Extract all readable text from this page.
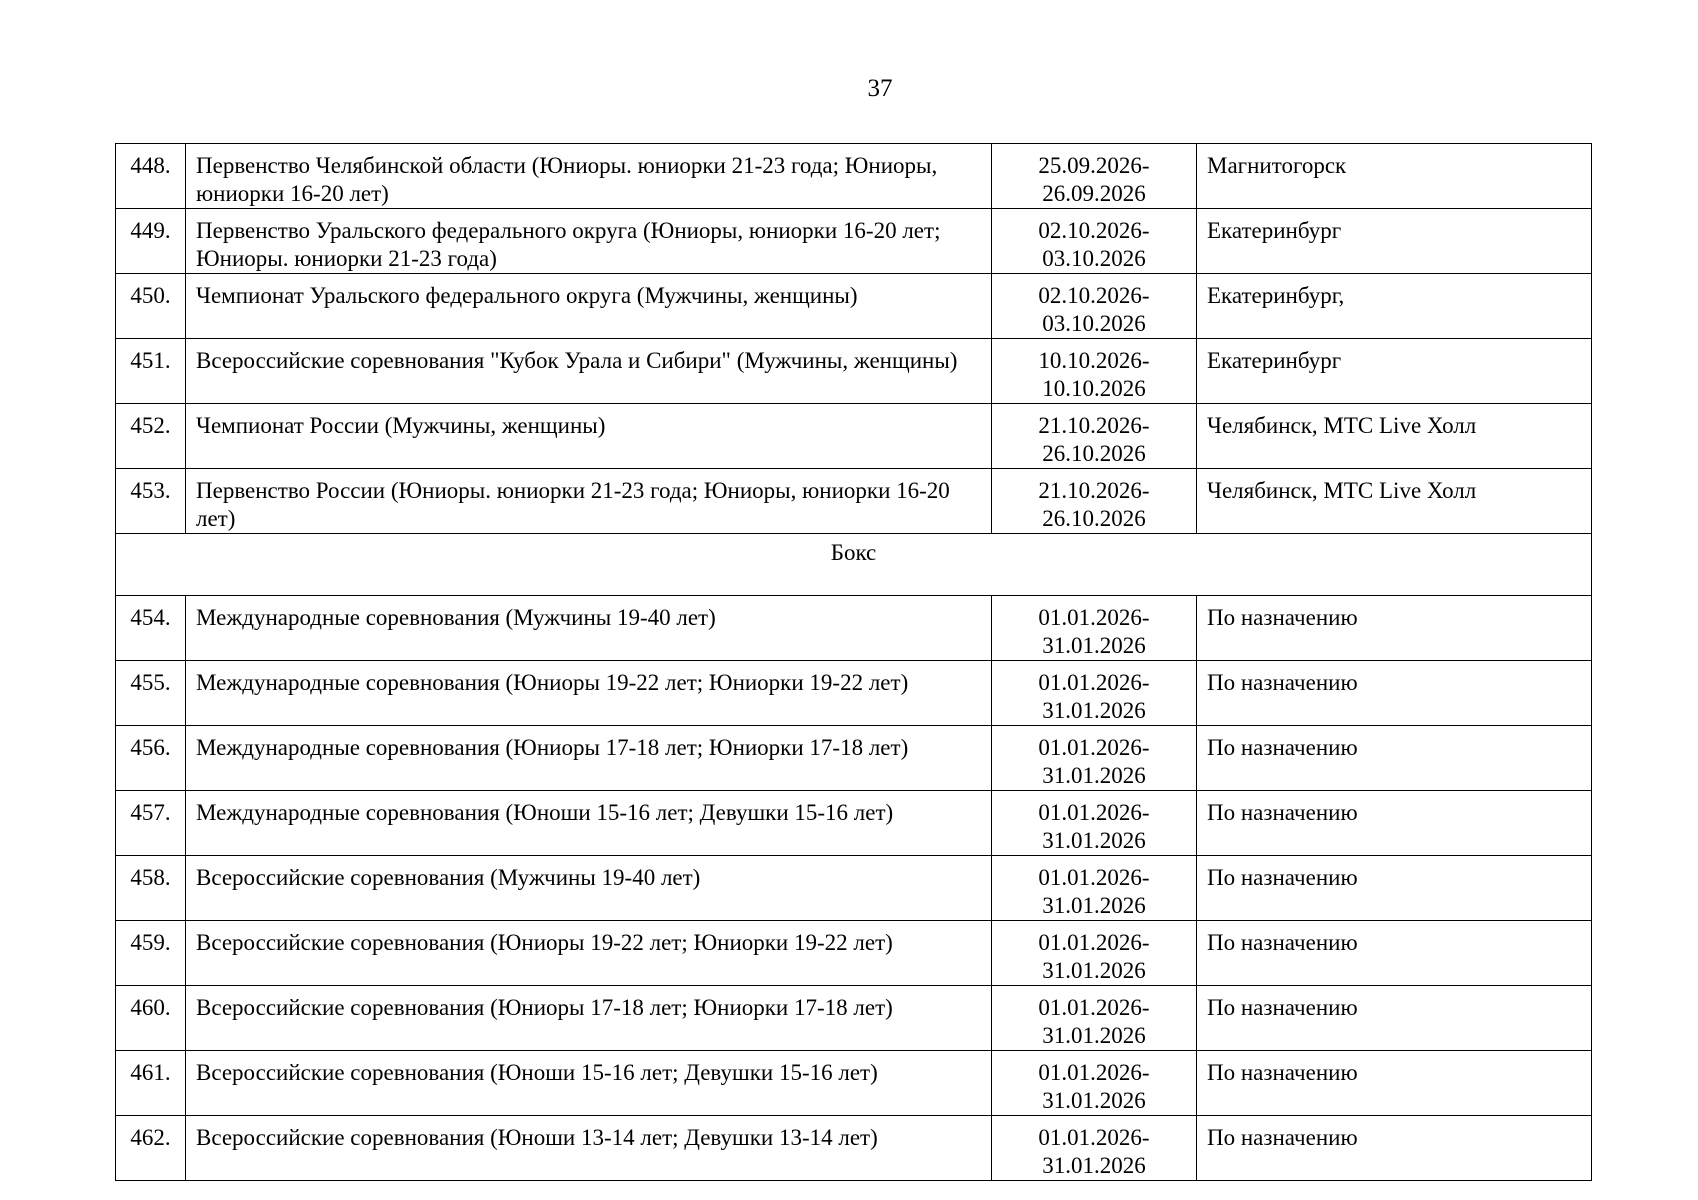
37
448.	Первенство Челябинской области (Юниоры. юниорки 21-23 года; Юниоры, юниорки 16-20 лет)	25.09.2026-
26.09.2026	Магнитогорск
449.	Первенство Уральского федерального округа (Юниоры, юниорки 16-20 лет; Юниоры. юниорки 21-23 года)	02.10.2026-
03.10.2026	Екатеринбург
450.	Чемпионат Уральского федерального округа (Мужчины, женщины)	02.10.2026-
03.10.2026	Екатеринбург,
451.	Всероссийские соревнования "Кубок Урала и Сибири" (Мужчины, женщины)	10.10.2026-
10.10.2026	Екатеринбург
452.	Чемпионат России (Мужчины, женщины)	21.10.2026-
26.10.2026	Челябинск, МТС Live Холл
453.	Первенство России (Юниоры. юниорки 21-23 года; Юниоры, юниорки 16-20 лет)	21.10.2026-
26.10.2026	Челябинск, МТС Live Холл
Бокс			
454.	Международные соревнования (Мужчины 19-40 лет)	01.01.2026-
31.01.2026	По назначению
455.	Международные соревнования (Юниоры 19-22 лет; Юниорки 19-22 лет)	01.01.2026-
31.01.2026	По назначению
456.	Международные соревнования (Юниоры 17-18 лет; Юниорки 17-18 лет)	01.01.2026-
31.01.2026	По назначению
457.	Международные соревнования (Юноши 15-16 лет; Девушки 15-16 лет)	01.01.2026-
31.01.2026	По назначению
458.	Всероссийские соревнования (Мужчины 19-40 лет)	01.01.2026-
31.01.2026	По назначению
459.	Всероссийские соревнования (Юниоры 19-22 лет; Юниорки 19-22 лет)	01.01.2026-
31.01.2026	По назначению
460.	Всероссийские соревнования (Юниоры 17-18 лет; Юниорки 17-18 лет)	01.01.2026-
31.01.2026	По назначению
461.	Всероссийские соревнования (Юноши 15-16 лет; Девушки 15-16 лет)	01.01.2026-
31.01.2026	По назначению
462.	Всероссийские соревнования (Юноши 13-14 лет; Девушки 13-14 лет)	01.01.2026-
31.01.2026	По назначению
